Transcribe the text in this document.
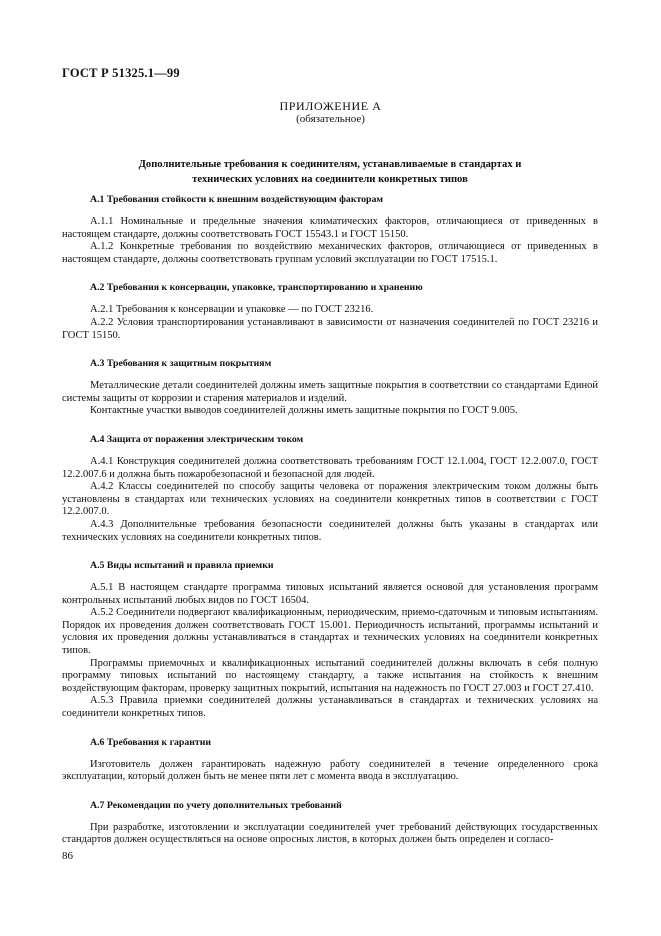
ГОСТ Р 51325.1—99
ПРИЛОЖЕНИЕ А
(обязательное)
Дополнительные требования к соединителям, устанавливаемые в стандартах и
технических условиях на соединители конкретных типов
А.1 Требования стойкости к внешним воздействующим факторам

А.1.1 Номинальные и предельные значения климатических факторов, отличающиеся от приведенных в настоящем стандарте, должны соответствовать ГОСТ 15543.1 и ГОСТ 15150.

А.1.2 Конкретные требования по воздействию механических факторов, отличающиеся от приведенных в настоящем стандарте, должны соответствовать группам условий эксплуатации по ГОСТ 17515.1.

А.2 Требования к консервации, упаковке, транспортированию и хранению

А.2.1 Требования к консервации и упаковке — по ГОСТ 23216.

А.2.2 Условия транспортирования устанавливают в зависимости от назначения соединителей по ГОСТ 23216 и ГОСТ 15150.

А.3 Требования к защитным покрытиям

Металлические детали соединителей должны иметь защитные покрытия в соответствии со стандартами Единой системы защиты от коррозии и старения материалов и изделий.

Контактные участки выводов соединителей должны иметь защитные покрытия по ГОСТ 9.005.

А.4 Защита от поражения электрическим током

А.4.1 Конструкция соединителей должна соответствовать требованиям ГОСТ 12.1.004, ГОСТ 12.2.007.0, ГОСТ 12.2.007.6 и должна быть пожаробезопасной и безопасной для людей.

А.4.2 Классы соединителей по способу защиты человека от поражения электрическим током должны быть установлены в стандартах или технических условиях на соединители конкретных типов в соответствии с ГОСТ 12.2.007.0.

А.4.3 Дополнительные требования безопасности соединителей должны быть указаны в стандартах или технических условиях на соединители конкретных типов.

А.5 Виды испытаний и правила приемки

А.5.1 В настоящем стандарте программа типовых испытаний является основой для установления программ контрольных испытаний любых видов по ГОСТ 16504.

А.5.2 Соединители подвергают квалификационным, периодическим, приемо-сдаточным и типовым испытаниям. Порядок их проведения должен соответствовать ГОСТ 15.001. Периодичность испытаний, программы испытаний и условия их проведения должны устанавливаться в стандартах и технических условиях на соединители конкретных типов.

Программы приемочных и квалификационных испытаний соединителей должны включать в себя полную программу типовых испытаний по настоящему стандарту, а также испытания на стойкость к внешним воздействующим факторам, проверку защитных покрытий, испытания на надежность по ГОСТ 27.003 и ГОСТ 27.410.

А.5.3 Правила приемки соединителей должны устанавливаться в стандартах и технических условиях на соединители конкретных типов.

А.6 Требования к гарантии

Изготовитель должен гарантировать надежную работу соединителей в течение определенного срока эксплуатации, который должен быть не менее пяти лет с момента ввода в эксплуатацию.

А.7 Рекомендации по учету дополнительных требований

При разработке, изготовлении и эксплуатации соединителей учет требований действующих государственных стандартов должен осуществляться на основе опросных листов, в которых должен быть определен и согласо-

86
